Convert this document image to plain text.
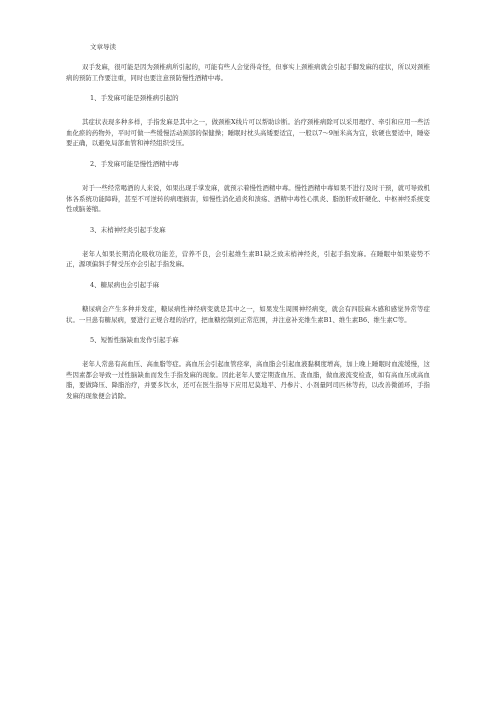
文章导读

双手发麻，很可能是因为颈椎病所引起的，可能有些人会觉得奇怪，但事实上颈椎病就会引起手脚发麻的症状，所以对颈椎病的预防工作要注重，同时也要注意预防慢性酒精中毒。

1、手发麻可能是颈椎病引起的

其症状表现多种多样，手指发麻是其中之一，做颈椎X线片可以帮助诊断。治疗颈椎病除可以采用理疗、牵引和应用一些活血化瘀的药物外，平时可做一些缓慢活动颈部的保健操；睡眠时枕头高矮要适宜，一般以7～9厘米高为宜，软硬也要适中，睡姿要正确，以避免局部血管和神经组织受压。

2、手发麻可能是慢性酒精中毒

对于一些经常喝酒的人来说，如果出现手掌发麻，就预示着慢性酒精中毒。慢性酒精中毒如果不进行及时干预，就可导致机体各系统功能障碍，甚至不可逆转的病理损害，如慢性消化道炎和溃疡、酒精中毒性心肌炎、脂肪肝或肝硬化、中枢神经系统变性或脑萎缩。

3、末梢神经炎引起手发麻

老年人如果长期消化吸收功能差，营养不良，会引起维生素B1缺乏致末梢神经炎，引起手指发麻。在睡眠中如果姿势不正，源项偏斜手臂受压亦会引起手指发麻。

4、糖尿病也会引起手麻

糖尿病会产生多种并发症，糖尿病性神经病变就是其中之一，如果发生周围神经病变，就会有四肢麻木感和感觉异常等症状。一旦患有糖尿病，要进行正规合理的治疗，把血糖控制到正常范围，并注意补充维生素B1、维生素B6、维生素C等。

5、短暂性脑缺血发作引起手麻

老年人常患有高血压、高血脂等症。高血压会引起血管痉挛，高血脂会引起血液黏稠度增高，加上晚上睡眠时血流缓慢，这些因素都会导致一过性脑缺血而发生手指发麻的现象。因此老年人要定期查血压、查血脂，做血液流变检查，如有高血压或高血脂，要做降压、降脂治疗，并要多饮水，还可在医生指导下应用尼莫地平、丹参片、小剂量阿司匹林等药，以改善微循环，手指发麻的现象便会消除。
